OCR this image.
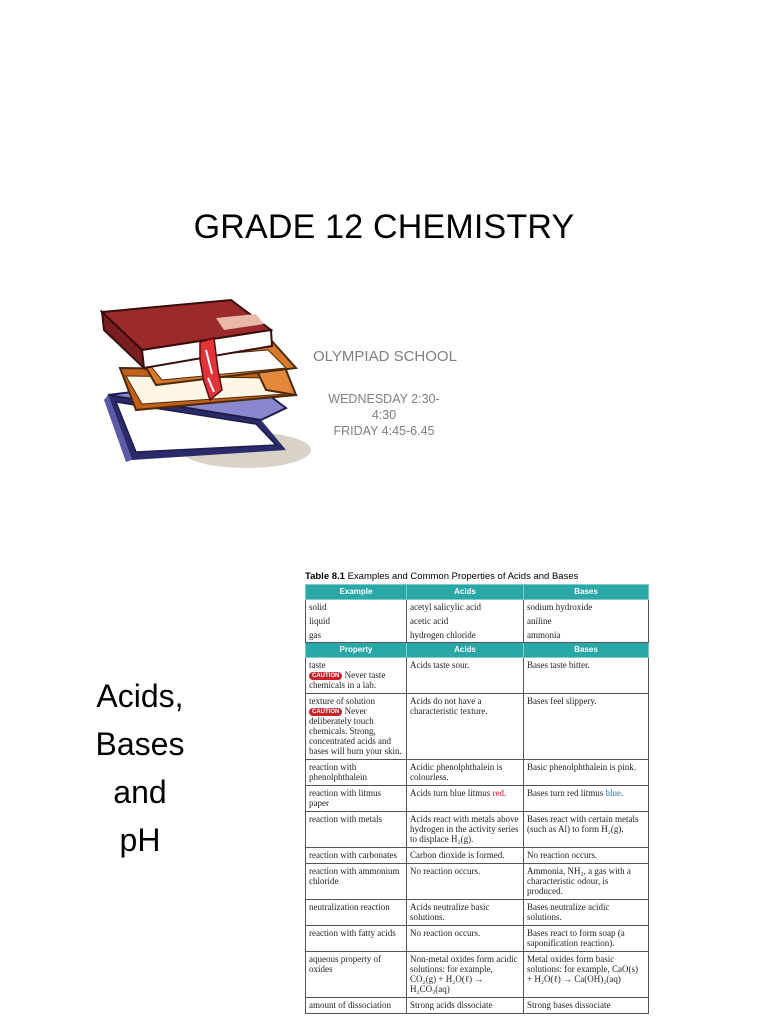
GRADE 12 CHEMISTRY
OLYMPIAD SCHOOL
WEDNESDAY 2:30-4:30
FRIDAY 4:45-6.45
Acids,
Bases
and
pH
Table 8.1 Examples and Common Properties of Acids and Bases
Example	Acids	Bases
solid	acetyl salicylic acid	sodium hydroxide
liquid	acetic acid	aniline
gas	hydrogen chloride	ammonia
Property	Acids	Bases

taste
CAUTION Never taste chemicals in a lab.	Acids taste sour.	Bases taste bitter.

texture of solution
CAUTION Never deliberately touch chemicals. Strong, concentrated acids and bases will burn your skin.	Acids do not have a characteristic texture.	Bases feel slippery.
reaction with phenolphthalein	Acidic phenolphthalein is colourless.	Basic phenolphthalein is pink.
reaction with litmus paper	Acids turn blue litmus red.	Bases turn red litmus blue.
reaction with metals	Acids react with metals above hydrogen in the activity series to displace H₂(g).	Bases react with certain metals (such as Al) to form H₂(g).
reaction with carbonates	Carbon dioxide is formed.	No reaction occurs.
reaction with ammonium chloride	No reaction occurs.	Ammonia, NH₃, a gas with a characteristic odour, is produced.
neutralization reaction	Acids neutralize basic solutions.	Bases neutralize acidic solutions.
reaction with fatty acids	No reaction occurs.	Bases react to form soap (a saponification reaction).
aqueous property of oxides	Non-metal oxides form acidic solutions: for example, CO₂(g) + H₂O(ℓ) → H₂CO₃(aq)	Metal oxides form basic solutions: for example, CaO(s) + H₂O(ℓ) → Ca(OH)₂(aq)
amount of dissociation	Strong acids dissociate	Strong bases dissociate
